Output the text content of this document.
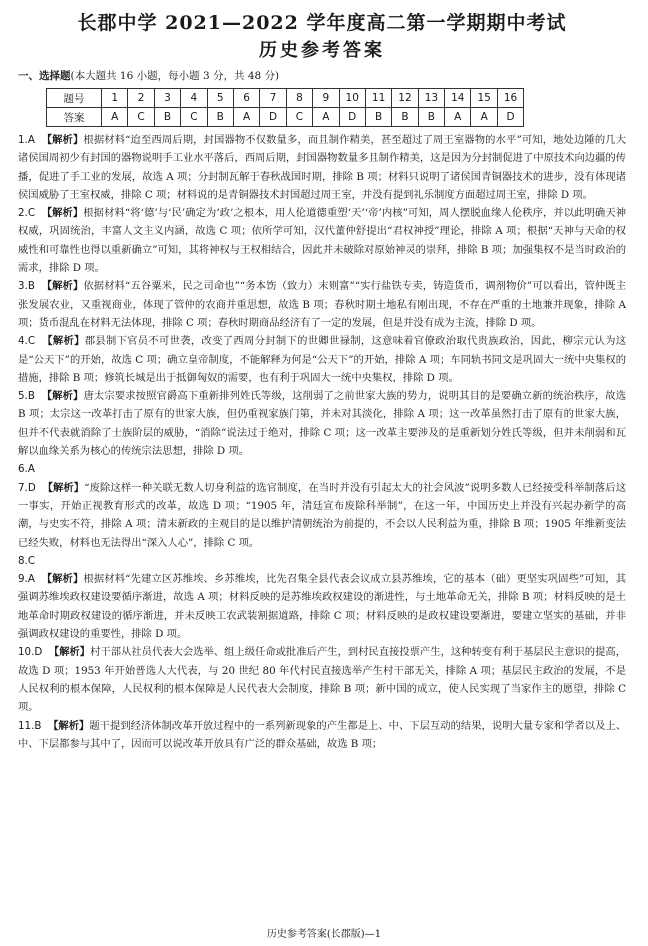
长郡中学 2021—2022 学年度高二第一学期期中考试
历史参考答案
一、选择题(本大题共 16 小题，每小题 3 分，共 48 分)
题号	1	2	3	4	5	6	7	8	9	10	11	12	13	14	15	16
答案	A	C	B	C	B	A	D	C	A	D	B	B	B	A	A	D

1.A 【解析】根据材料“迨至西周后期，封国器物不仅数量多，而且制作精美，甚至超过了周王室器物的水平”可知，地处边陲的几大诸侯国周初少有封国的器物说明手工业水平落后，西周后期，封国器物数量多且制作精美，这是因为分封制促进了中原技术向边疆的传播，促进了手工业的发展，故选 A 项；分封制瓦解于春秋战国时期，排除 B 项；材料只说明了诸侯国青铜器技术的进步，没有体现诸侯国威胁了王室权威，排除 C 项；材料说的是青铜器技术封国超过周王室，并没有提到礼乐制度方面超过周王室，排除 D 项。

2.C 【解析】根据材料“将‘德’与‘民’确定为‘政’之根本，用人伦道德重塑‘天’‘帝’内核”可知，周人摆脱血缘人伦秩序，并以此明确天神权威，巩固统治，丰富人文主义内涵，故选 C 项；依所学可知，汉代董仲舒提出“君权神授”理论，排除 A 项；根据“天神与天命的权威性和可靠性也得以重新确立”可知，其将神权与王权相结合，因此并未破除对原始神灵的崇拜，排除 B 项；加强集权不是当时政治的需求，排除 D 项。

3.B 【解析】依据材料“五谷粟米，民之司命也”“务本饬（致力）末则富”“实行盐铁专卖，铸造货币，调剂物价”可以看出，管仲既主张发展农业，又重视商业，体现了管仲的农商并重思想，故选 B 项；春秋时期土地私有刚出现，不存在严重的土地兼并现象，排除 A 项；货币混乱在材料无法体现，排除 C 项；春秋时期商品经济有了一定的发展，但是并没有成为主流，排除 D 项。

4.C 【解析】郡县制下官员不可世袭，改变了西周分封制下的世卿世禄制，这意味着官僚政治取代贵族政治，因此，柳宗元认为这是“公天下”的开始，故选 C 项；确立皇帝制度，不能解释为何是“公天下”的开始，排除 A 项；车同轨书同文是巩固大一统中央集权的措施，排除 B 项；修筑长城是出于抵御匈奴的需要，也有利于巩固大一统中央集权，排除 D 项。

5.B 【解析】唐太宗要求按照官爵高下重新排列姓氏等级，这削弱了之前世家大族的势力，说明其目的是要确立新的统治秩序，故选 B 项；太宗这一改革打击了原有的世家大族，但仍重视家族门第，并未对其淡化，排除 A 项；这一改革虽然打击了原有的世家大族，但并不代表就消除了士族阶层的威胁，“消除”说法过于绝对，排除 C 项；这一改革主要涉及的是重新划分姓氏等级，但并未削弱和瓦解以血缘关系为核心的传统宗法思想，排除 D 项。

6.A

7.D 【解析】“废除这样一种关联无数人切身利益的选官制度，在当时并没有引起太大的社会风波”说明多数人已经接受科举制落后这一事实，开始正视教育形式的改革，故选 D 项；“1905 年，清廷宣布废除科举制”，在这一年，中国历史上并没有兴起办新学的高潮，与史实不符，排除 A 项；清末新政的主观目的是以维护清朝统治为前提的，不会以人民利益为重，排除 B 项；1905 年维新变法已经失败，材料也无法得出“深入人心”，排除 C 项。

8.C

9.A 【解析】根据材料“先建立区苏维埃、乡苏维埃，比先召集全县代表会议成立县苏维埃，它的基本（础）更坚实巩固些”可知，其强调苏维埃政权建设要循序渐进，故选 A 项；材料反映的是苏维埃政权建设的渐进性，与土地革命无关，排除 B 项；材料反映的是土地革命时期政权建设的循序渐进，并未反映工农武装割据道路，排除 C 项；材料反映的是政权建设要渐进，要建立坚实的基础，并非强调政权建设的重要性，排除 D 项。

10.D 【解析】村干部从社员代表大会选举、组上级任命或批准后产生，到村民直接投票产生，这种转变有利于基层民主意识的提高，故选 D 项；1953 年开始普选人大代表，与 20 世纪 80 年代村民直接选举产生村干部无关，排除 A 项；基层民主政治的发展，不是人民权利的根本保障，人民权利的根本保障是人民代表大会制度，排除 B 项；新中国的成立，使人民实现了当家作主的愿望，排除 C 项。

11.B 【解析】题干提到经济体制改革开放过程中的一系列新现象的产生都是上、中、下层互动的结果，说明大量专家和学者以及上、中、下层都参与其中了，因而可以说改革开放具有广泛的群众基础，故选 B 项；

历史参考答案(长郡版)—1
